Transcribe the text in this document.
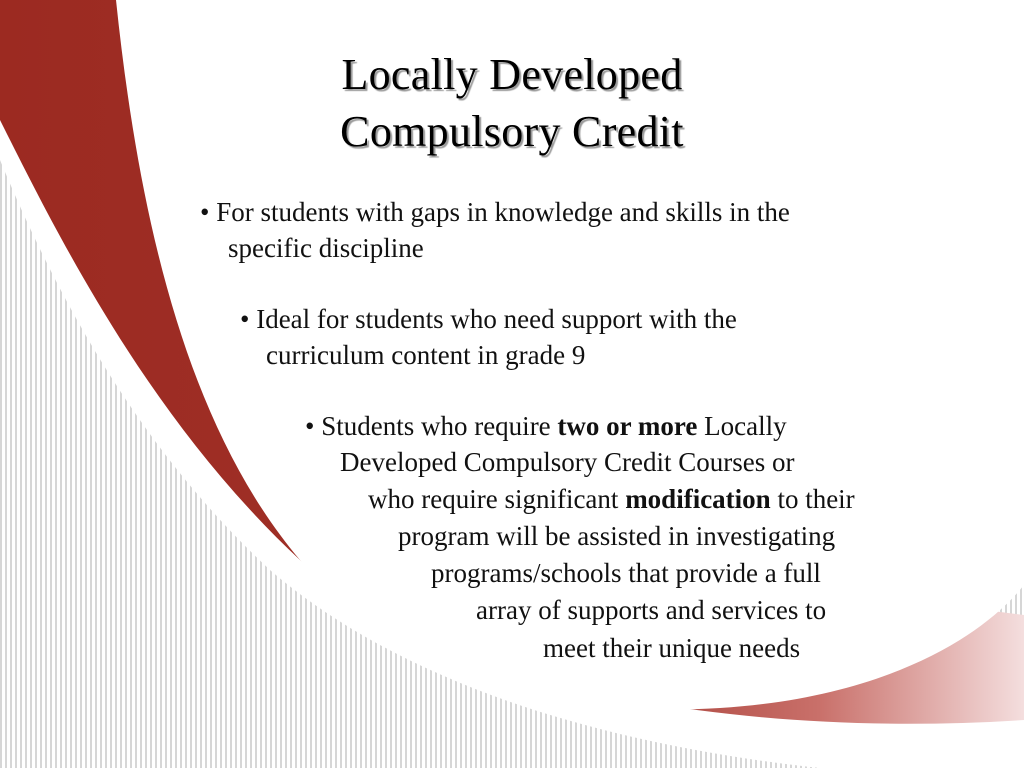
Locally Developed
Compulsory Credit
• For students with gaps in knowledge and skills in the
specific discipline
• Ideal for students who need support with the
curriculum content in grade 9
• Students who require two or more Locally
Developed Compulsory Credit Courses or
who require significant modification to their
program will be assisted in investigating
programs/schools that provide a full
array of supports and services to
meet their unique needs
